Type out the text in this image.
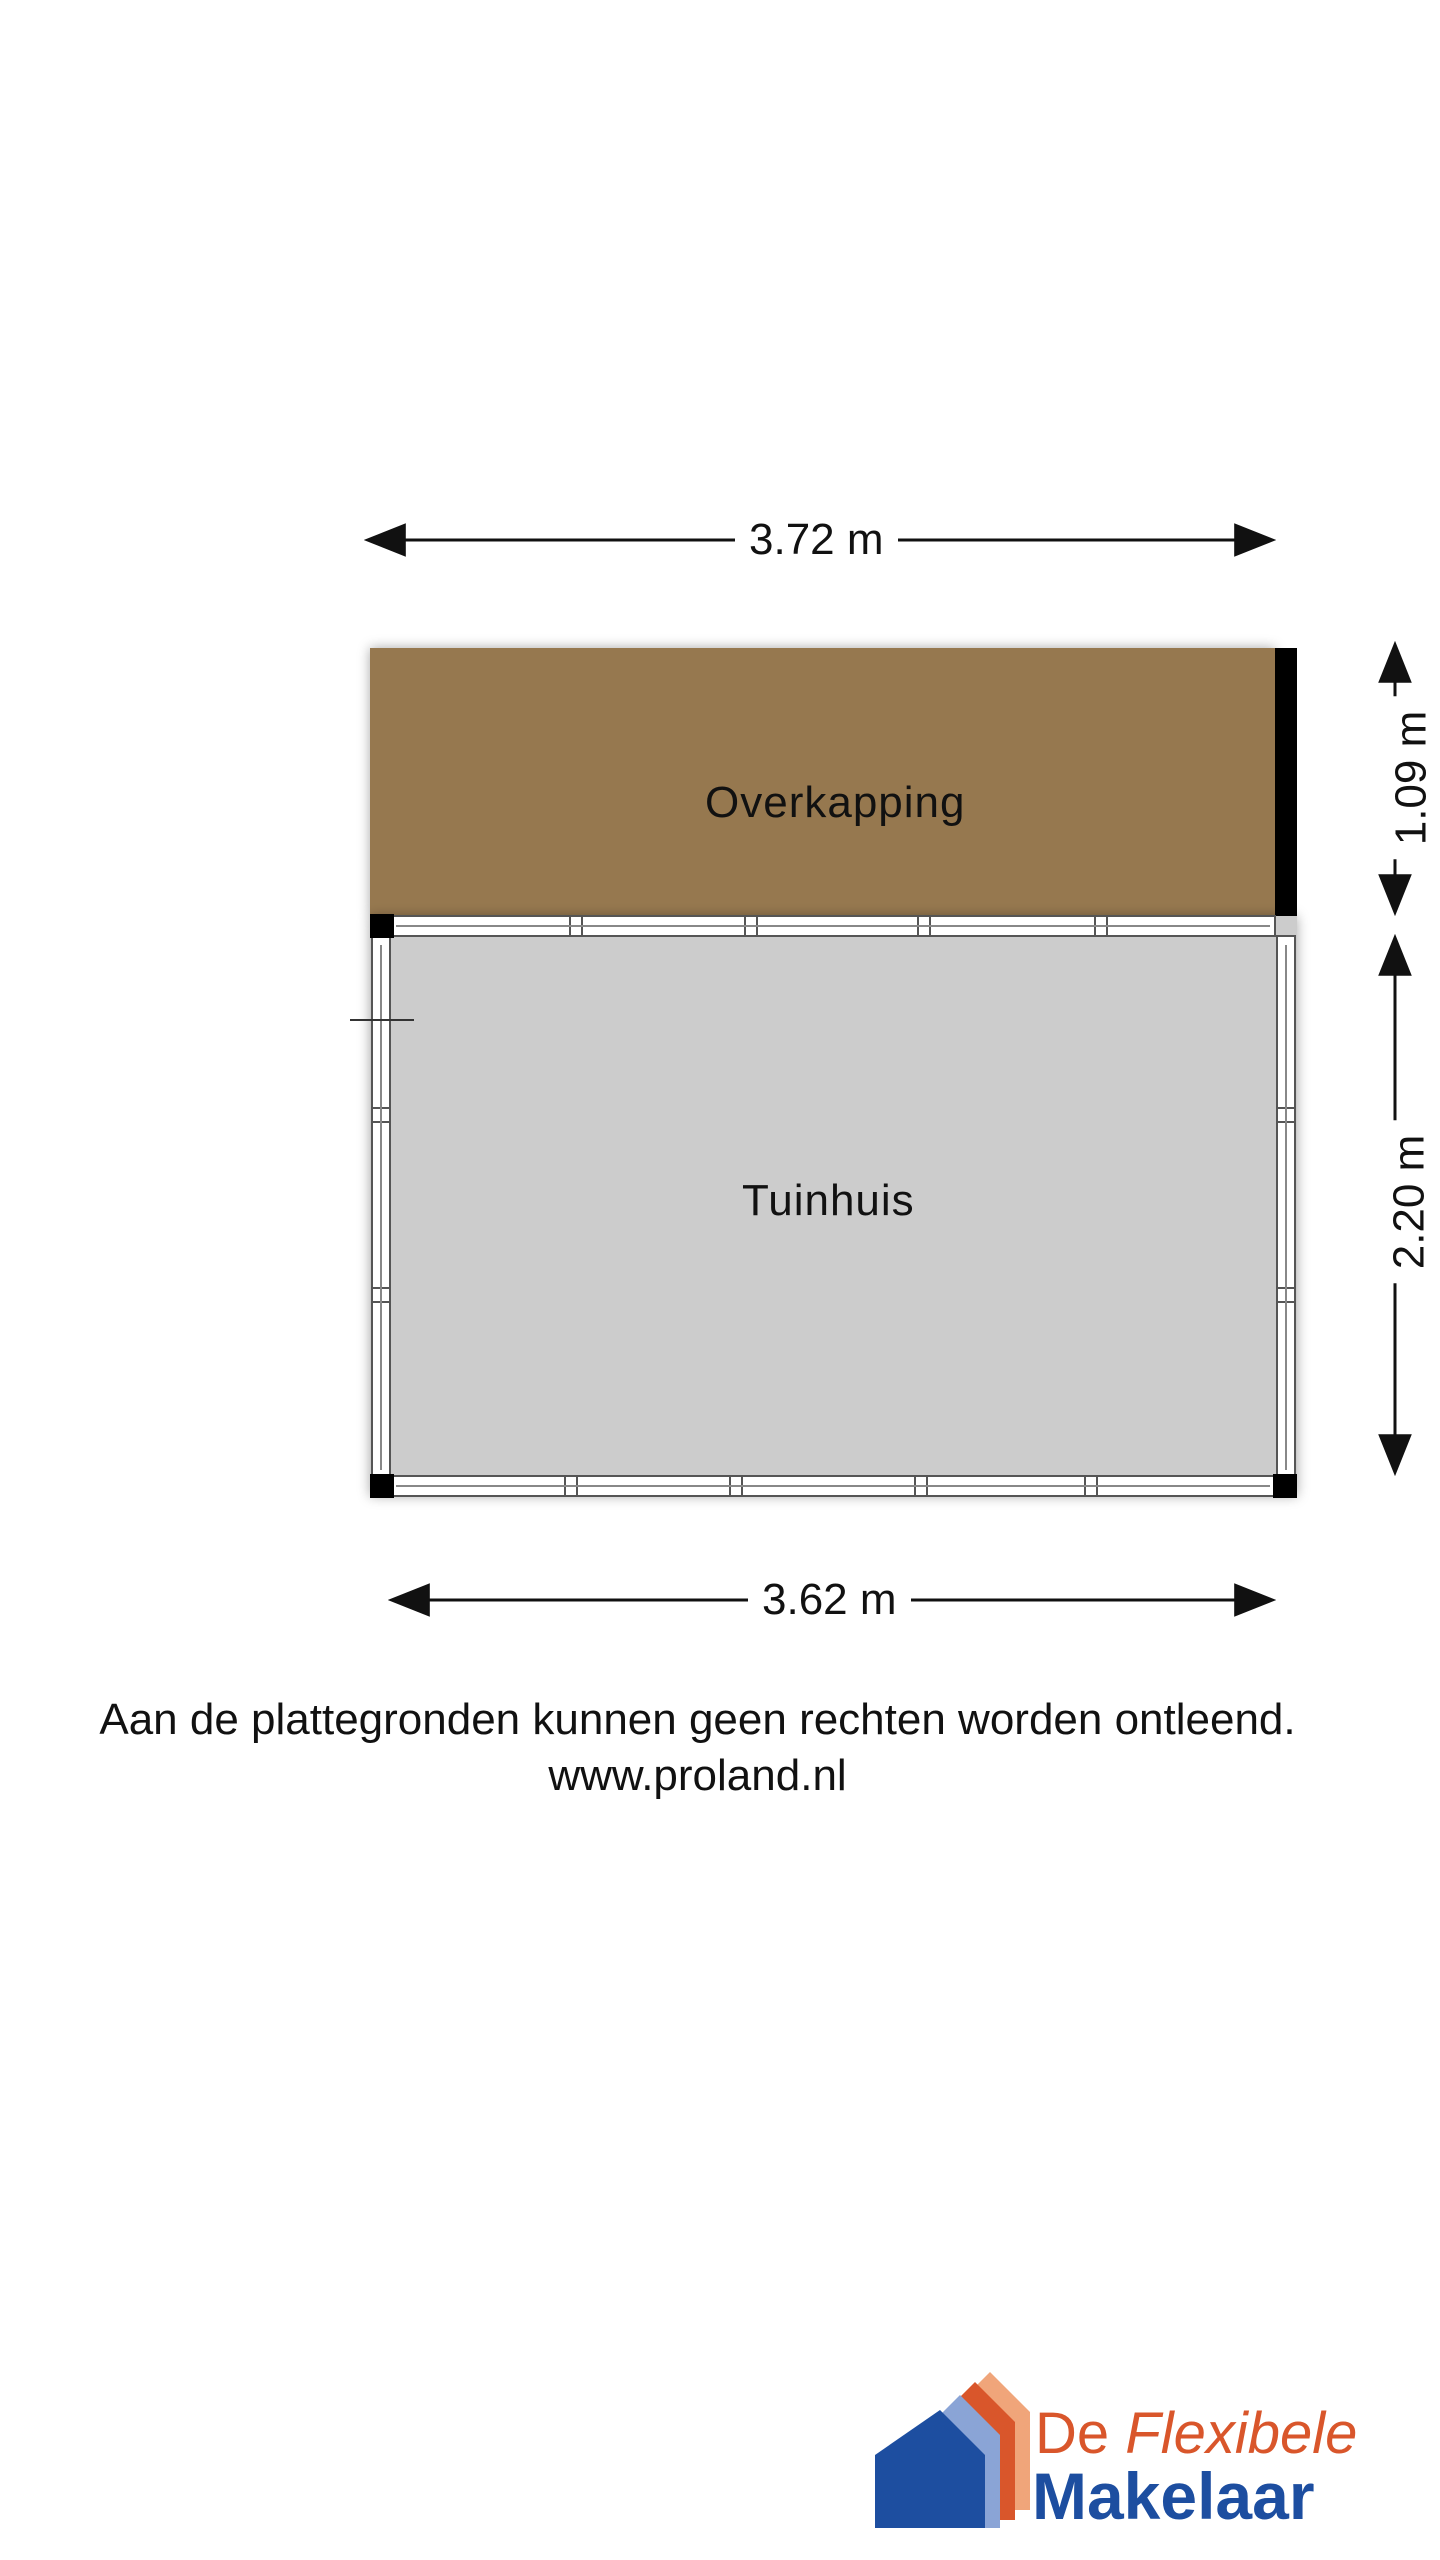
3.72 m
3.62 m
1.09 m
2.20 m
Overkapping
Tuinhuis
Aan de plattegronden kunnen geen rechten worden ontleend.
www.proland.nl
De Flexibele
Makelaar
